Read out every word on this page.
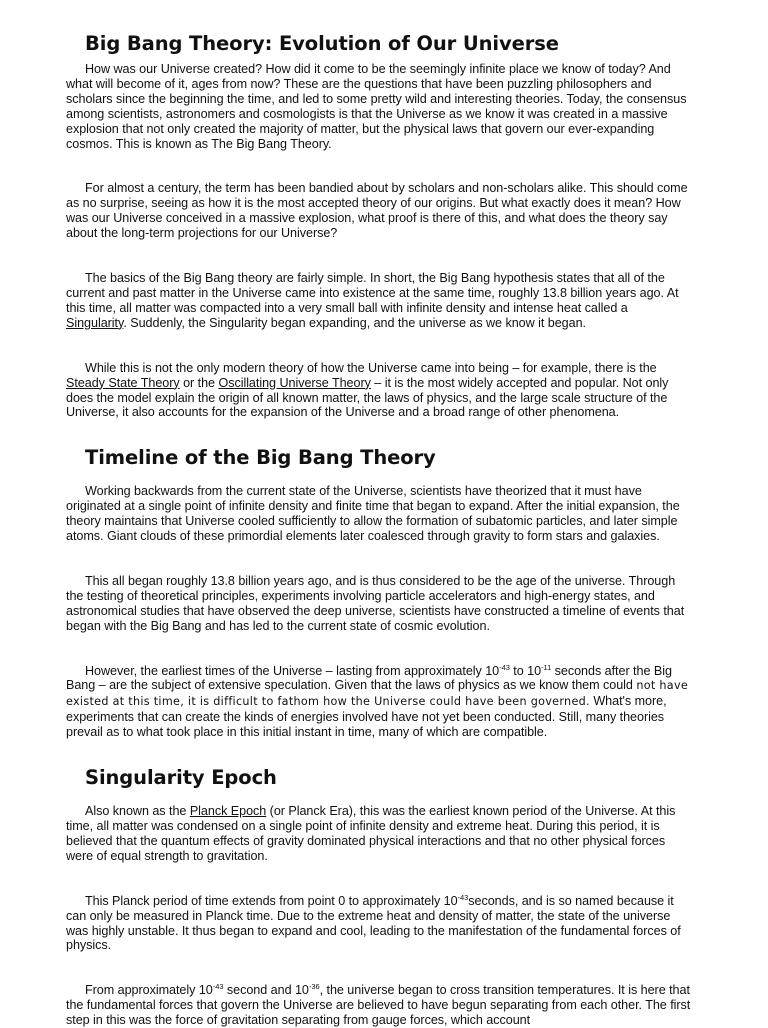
Big Bang Theory: Evolution of Our Universe

How was our Universe created? How did it come to be the seemingly infinite place we know of today? And what will become of it, ages from now? These are the questions that have been puzzling philosophers and scholars since the beginning the time, and led to some pretty wild and interesting theories. Today, the consensus among scientists, astronomers and cosmologists is that the Universe as we know it was created in a massive explosion that not only created the majority of matter, but the physical laws that govern our ever-expanding cosmos. This is known as The Big Bang Theory.

For almost a century, the term has been bandied about by scholars and non-scholars alike. This should come as no surprise, seeing as how it is the most accepted theory of our origins. But what exactly does it mean? How was our Universe conceived in a massive explosion, what proof is there of this, and what does the theory say about the long-term projections for our Universe?

The basics of the Big Bang theory are fairly simple. In short, the Big Bang hypothesis states that all of the current and past matter in the Universe came into existence at the same time, roughly 13.8 billion years ago. At this time, all matter was compacted into a very small ball with infinite density and intense heat called a Singularity. Suddenly, the Singularity began expanding, and the universe as we know it began.

While this is not the only modern theory of how the Universe came into being – for example, there is the Steady State Theory or the Oscillating Universe Theory – it is the most widely accepted and popular. Not only does the model explain the origin of all known matter, the laws of physics, and the large scale structure of the Universe, it also accounts for the expansion of the Universe and a broad range of other phenomena.

Timeline of the Big Bang Theory

Working backwards from the current state of the Universe, scientists have theorized that it must have originated at a single point of infinite density and finite time that began to expand. After the initial expansion, the theory maintains that Universe cooled sufficiently to allow the formation of subatomic particles, and later simple atoms. Giant clouds of these primordial elements later coalesced through gravity to form stars and galaxies.

This all began roughly 13.8 billion years ago, and is thus considered to be the age of the universe. Through the testing of theoretical principles, experiments involving particle accelerators and high-energy states, and astronomical studies that have observed the deep universe, scientists have constructed a timeline of events that began with the Big Bang and has led to the current state of cosmic evolution.

However, the earliest times of the Universe – lasting from approximately $10^{-43}$ to $10^{-11}$ seconds after the Big Bang – are the subject of extensive speculation. Given that the laws of physics as we know them could not have existed at this time, it is difficult to fathom how the Universe could have been governed. What's more, experiments that can create the kinds of energies involved have not yet been conducted. Still, many theories prevail as to what took place in this initial instant in time, many of which are compatible.

Singularity Epoch

Also known as the Planck Epoch (or Planck Era), this was the earliest known period of the Universe. At this time, all matter was condensed on a single point of infinite density and extreme heat. During this period, it is believed that the quantum effects of gravity dominated physical interactions and that no other physical forces were of equal strength to gravitation.

This Planck period of time extends from point 0 to approximately $10^{-43}seconds$, and is so named because it can only be measured in Planck time. Due to the extreme heat and density of matter, the state of the universe was highly unstable. It thus began to expand and cool, leading to the manifestation of the fundamental forces of physics.

From approximately $10^{-43}$ second and $10^{-36}$, the universe began to cross transition temperatures. It is here that the fundamental forces that govern the Universe are believed to have begun separating from each other. The first step in this was the force of gravitation separating from gauge forces, which account
